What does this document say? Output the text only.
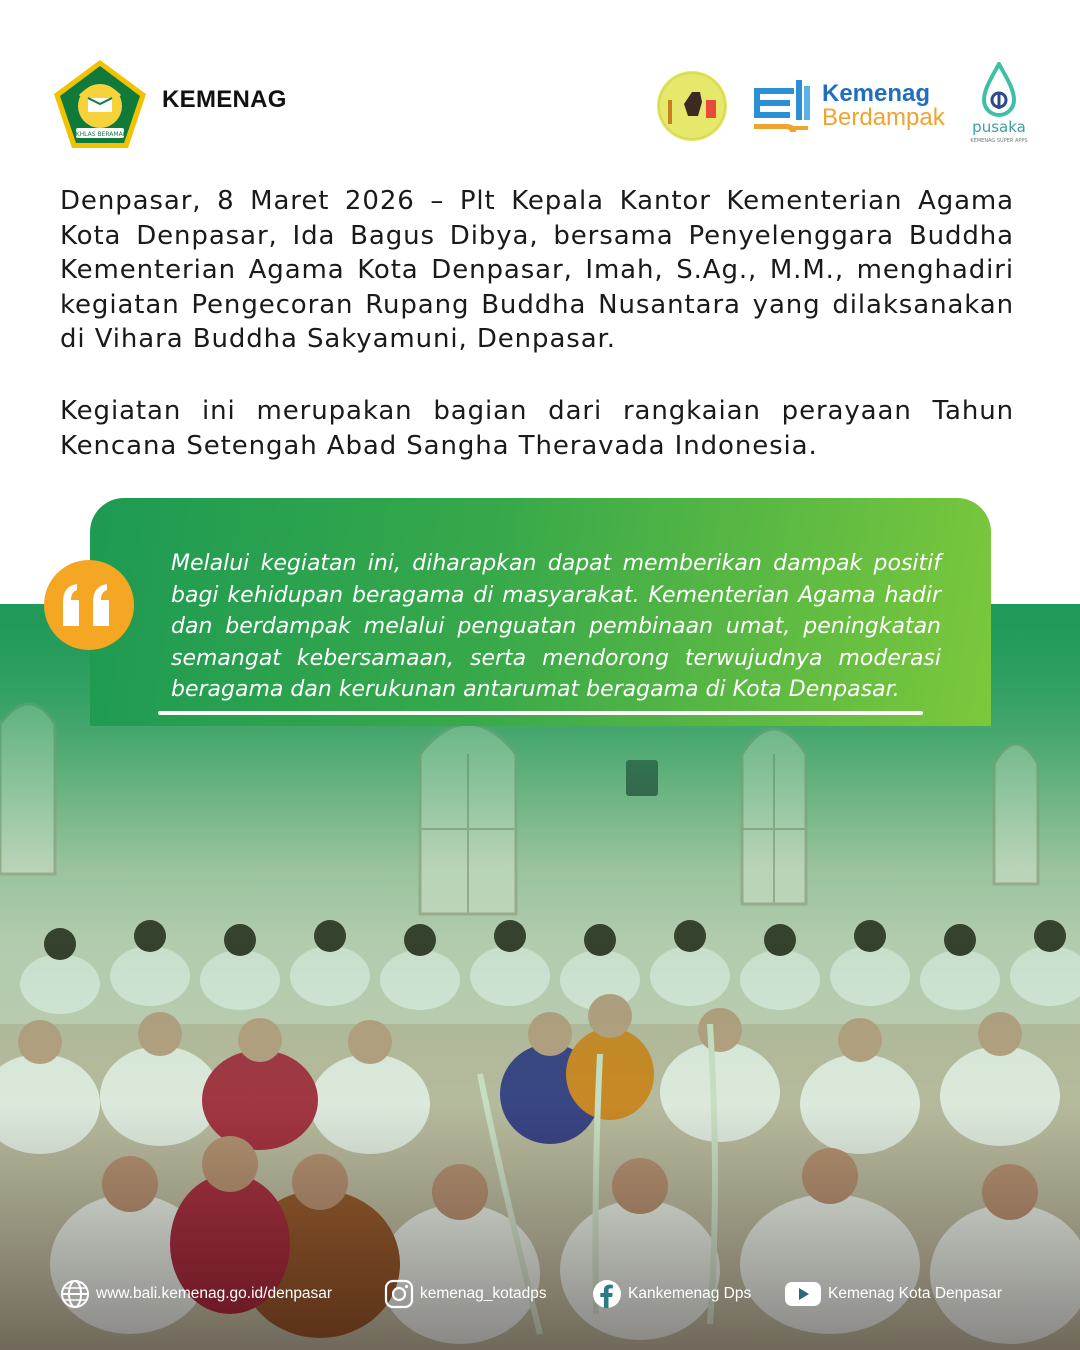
IKHLAS BERAMAL
KEMENAG	Kemenag
Berdampak pusaka
KEMENAG SUPER APPS
Denpasar, 8 Maret 2026 – Plt Kepala Kantor Kementerian Agama Kota Denpasar, Ida Bagus Dibya, bersama Penyelenggara Buddha Kementerian Agama Kota Denpasar, Imah, S.Ag., M.M., menghadiri kegiatan Pengecoran Rupang Buddha Nusantara yang dilaksanakan di Vihara Buddha Sakyamuni, Denpasar.
Kegiatan ini merupakan bagian dari rangkaian perayaan Tahun Kencana Setengah Abad Sangha Theravada Indonesia.
Melalui kegiatan ini, diharapkan dapat memberikan dampak positif bagi kehidupan beragama di masyarakat. Kementerian Agama hadir dan berdampak melalui penguatan pembinaan umat, peningkatan semangat kebersamaan, serta mendorong terwujudnya moderasi beragama dan kerukunan antarumat beragama di Kota Denpasar.
www.bali.kemenag.go.id/denpasar	kemenag_kotadps	Kankemenag Dps	Kemenag Kota Denpasar
